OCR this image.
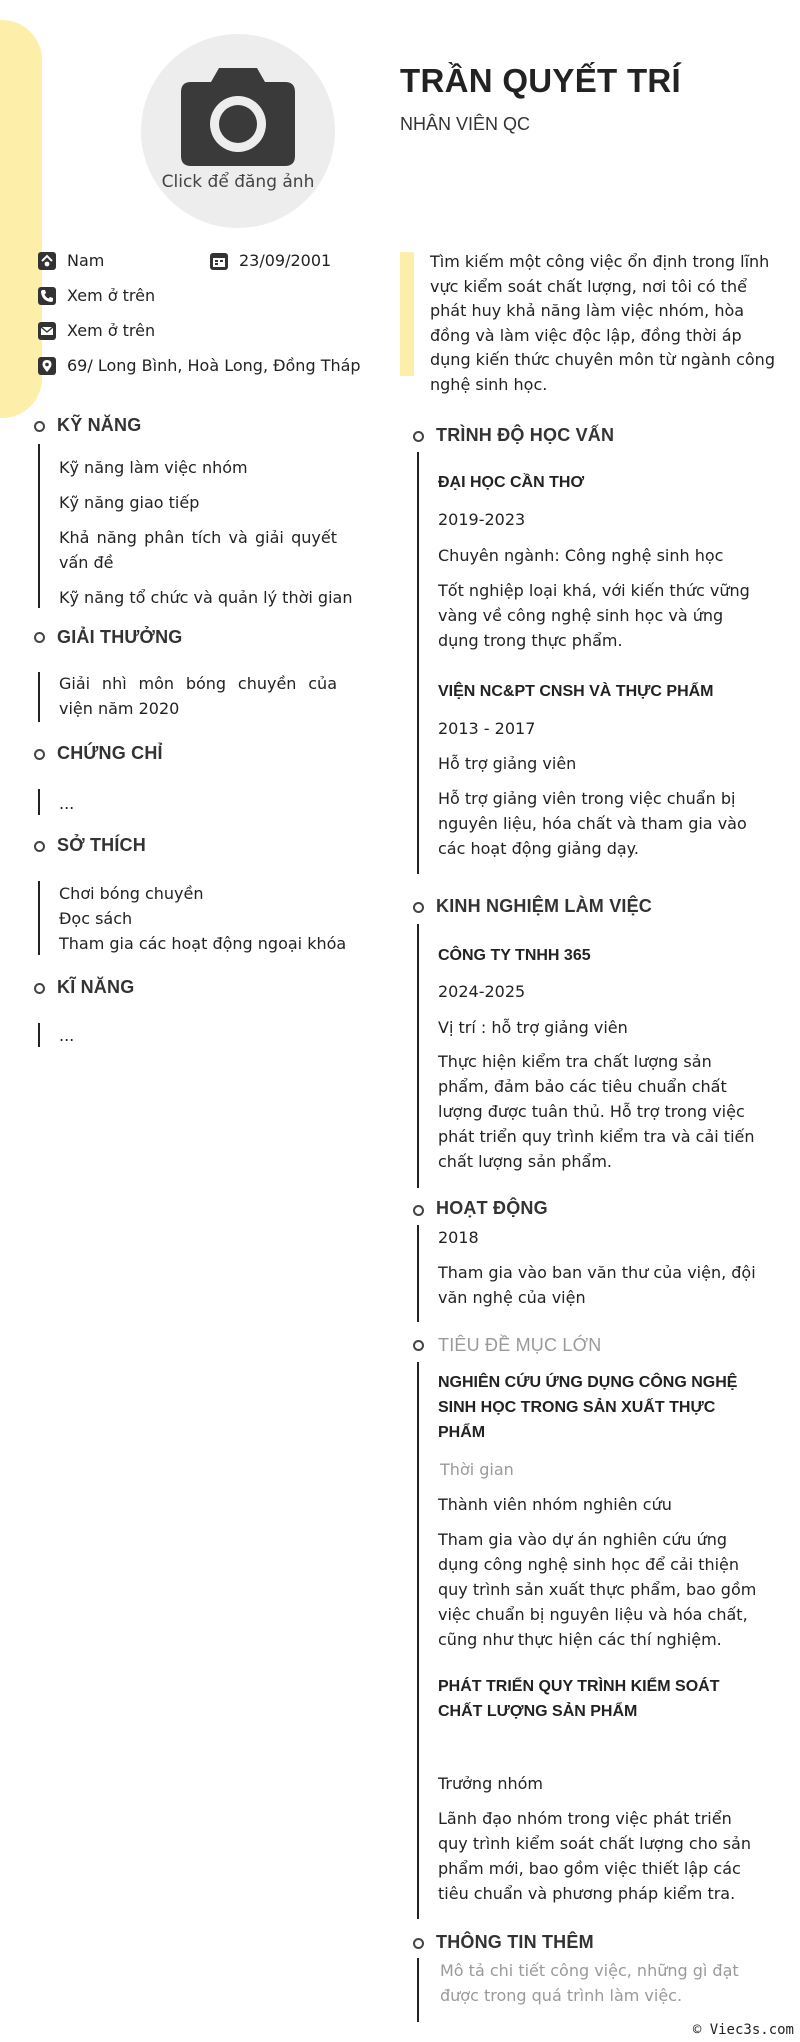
Click để đăng ảnh
TRẦN QUYẾT TRÍ
NHÂN VIÊN QC
Nam	23/09/2001
Xem ở trên
Xem ở trên
69/ Long Bình, Hoà Long, Đồng Tháp
Tìm kiếm một công việc ổn định trong lĩnh vực kiểm soát chất lượng, nơi tôi có thể phát huy khả năng làm việc nhóm, hòa đồng và làm việc độc lập, đồng thời áp dụng kiến thức chuyên môn từ ngành công nghệ sinh học.
KỸ NĂNG
Kỹ năng làm việc nhóm
Kỹ năng giao tiếp
Khả năng phân tích và giải quyết vấn đề
Kỹ năng tổ chức và quản lý thời gian
GIẢI THƯỞNG
Giải nhì môn bóng chuyền của viện năm 2020
CHỨNG CHỈ
...
SỞ THÍCH
Chơi bóng chuyền
Đọc sách
Tham gia các hoạt động ngoại khóa
KĨ NĂNG
...
TRÌNH ĐỘ HỌC VẤN
ĐẠI HỌC CẦN THƠ
2019-2023
Chuyên ngành: Công nghệ sinh học
Tốt nghiệp loại khá, với kiến thức vững vàng về công nghệ sinh học và ứng dụng trong thực phẩm.
VIỆN NC&PT CNSH VÀ THỰC PHẨM
2013 - 2017
Hỗ trợ giảng viên
Hỗ trợ giảng viên trong việc chuẩn bị nguyên liệu, hóa chất và tham gia vào các hoạt động giảng dạy.
KINH NGHIỆM LÀM VIỆC
CÔNG TY TNHH 365
2024-2025
Vị trí : hỗ trợ giảng viên
Thực hiện kiểm tra chất lượng sản phẩm, đảm bảo các tiêu chuẩn chất lượng được tuân thủ. Hỗ trợ trong việc phát triển quy trình kiểm tra và cải tiến chất lượng sản phẩm.
HOẠT ĐỘNG
2018
Tham gia vào ban văn thư của viện, đội văn nghệ của viện
TIÊU ĐỀ MỤC LỚN
NGHIÊN CỨU ỨNG DỤNG CÔNG NGHỆ SINH HỌC TRONG SẢN XUẤT THỰC PHẨM
Thời gian
Thành viên nhóm nghiên cứu
Tham gia vào dự án nghiên cứu ứng dụng công nghệ sinh học để cải thiện quy trình sản xuất thực phẩm, bao gồm việc chuẩn bị nguyên liệu và hóa chất, cũng như thực hiện các thí nghiệm.
PHÁT TRIỂN QUY TRÌNH KIỂM SOÁT CHẤT LƯỢNG SẢN PHẨM
Trưởng nhóm
Lãnh đạo nhóm trong việc phát triển quy trình kiểm soát chất lượng cho sản phẩm mới, bao gồm việc thiết lập các tiêu chuẩn và phương pháp kiểm tra.
THÔNG TIN THÊM
Mô tả chi tiết công việc, những gì đạt được trong quá trình làm việc.
© Viec3s.com
